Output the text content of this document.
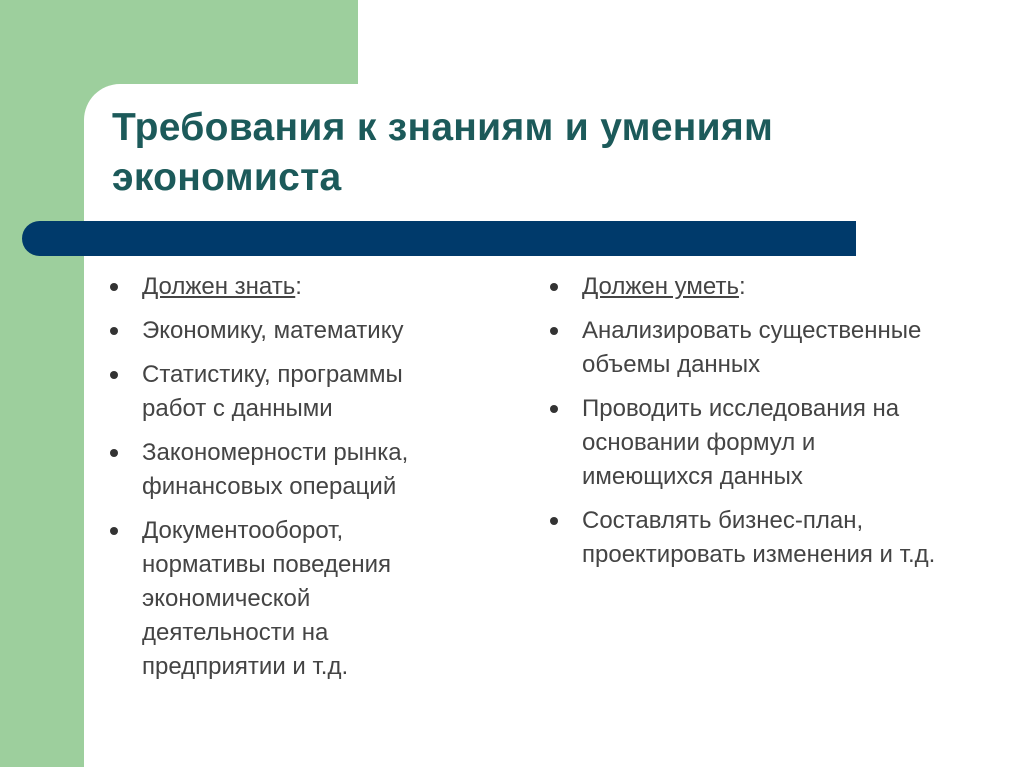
Требования к знаниям и умениям экономиста
Должен знать:
Экономику, математику
Статистику, программы работ с данными
Закономерности рынка, финансовых операций
Документооборот, нормативы поведения экономической деятельности на предприятии и т.д.
Должен уметь:
Анализировать существенные объемы данных
Проводить исследования на основании формул и имеющихся данных
Составлять бизнес-план, проектировать изменения и т.д.
